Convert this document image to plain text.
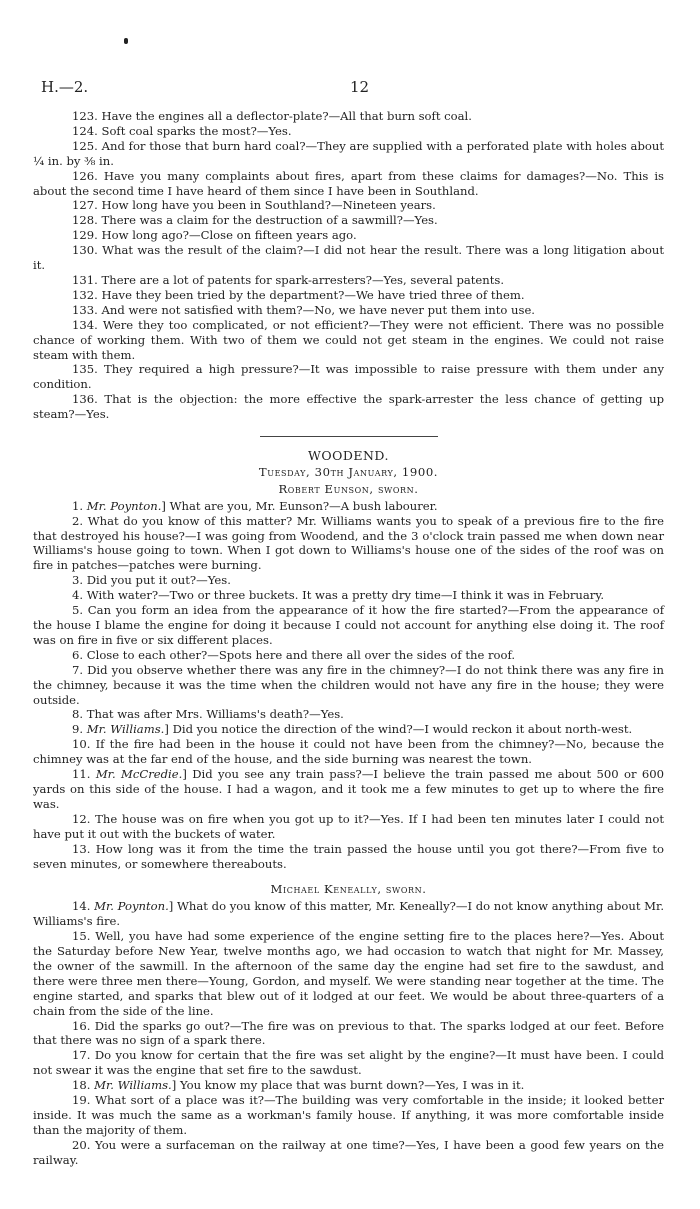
H.—2.	12

123. Have the engines all a deflector-plate?—All that burn soft coal.

124. Soft coal sparks the most?—Yes.

125. And for those that burn hard coal?—They are supplied with a perforated plate with holes about ¼ in. by ⅜ in.

126. Have you many complaints about fires, apart from these claims for damages?—No. This is about the second time I have heard of them since I have been in Southland.

127. How long have you been in Southland?—Nineteen years.

128. There was a claim for the destruction of a sawmill?—Yes.

129. How long ago?—Close on fifteen years ago.

130. What was the result of the claim?—I did not hear the result. There was a long litigation about it.

131. There are a lot of patents for spark-arresters?—Yes, several patents.

132. Have they been tried by the department?—We have tried three of them.

133. And were not satisfied with them?—No, we have never put them into use.

134. Were they too complicated, or not efficient?—They were not efficient. There was no possible chance of working them. With two of them we could not get steam in the engines. We could not raise steam with them.

135. They required a high pressure?—It was impossible to raise pressure with them under any condition.

136. That is the objection: the more effective the spark-arrester the less chance of getting up steam?—Yes.

WOODEND.

Tuesday, 30th January, 1900.

Robert Eunson, sworn.

1. Mr. Poynton.] What are you, Mr. Eunson?—A bush labourer.

2. What do you know of this matter? Mr. Williams wants you to speak of a previous fire to the fire that destroyed his house?—I was going from Woodend, and the 3 o'clock train passed me when down near Williams's house going to town. When I got down to Williams's house one of the sides of the roof was on fire in patches—patches were burning.

3. Did you put it out?—Yes.

4. With water?—Two or three buckets. It was a pretty dry time—I think it was in February.

5. Can you form an idea from the appearance of it how the fire started?—From the appearance of the house I blame the engine for doing it because I could not account for anything else doing it. The roof was on fire in five or six different places.

6. Close to each other?—Spots here and there all over the sides of the roof.

7. Did you observe whether there was any fire in the chimney?—I do not think there was any fire in the chimney, because it was the time when the children would not have any fire in the house; they were outside.

8. That was after Mrs. Williams's death?—Yes.

9. Mr. Williams.] Did you notice the direction of the wind?—I would reckon it about north-west.

10. If the fire had been in the house it could not have been from the chimney?—No, because the chimney was at the far end of the house, and the side burning was nearest the town.

11. Mr. McCredie.] Did you see any train pass?—I believe the train passed me about 500 or 600 yards on this side of the house. I had a wagon, and it took me a few minutes to get up to where the fire was.

12. The house was on fire when you got up to it?—Yes. If I had been ten minutes later I could not have put it out with the buckets of water.

13. How long was it from the time the train passed the house until you got there?—From five to seven minutes, or somewhere thereabouts.

Michael Keneally, sworn.

14. Mr. Poynton.] What do you know of this matter, Mr. Keneally?—I do not know anything about Mr. Williams's fire.

15. Well, you have had some experience of the engine setting fire to the places here?—Yes. About the Saturday before New Year, twelve months ago, we had occasion to watch that night for Mr. Massey, the owner of the sawmill. In the afternoon of the same day the engine had set fire to the sawdust, and there were three men there—Young, Gordon, and myself. We were standing near together at the time. The engine started, and sparks that blew out of it lodged at our feet. We would be about three-quarters of a chain from the side of the line.

16. Did the sparks go out?—The fire was on previous to that. The sparks lodged at our feet. Before that there was no sign of a spark there.

17. Do you know for certain that the fire was set alight by the engine?—It must have been. I could not swear it was the engine that set fire to the sawdust.

18. Mr. Williams.] You know my place that was burnt down?—Yes, I was in it.

19. What sort of a place was it?—The building was very comfortable in the inside; it looked better inside. It was much the same as a workman's family house. If anything, it was more comfortable inside than the majority of them.

20. You were a surfaceman on the railway at one time?—Yes, I have been a good few years on the railway.
